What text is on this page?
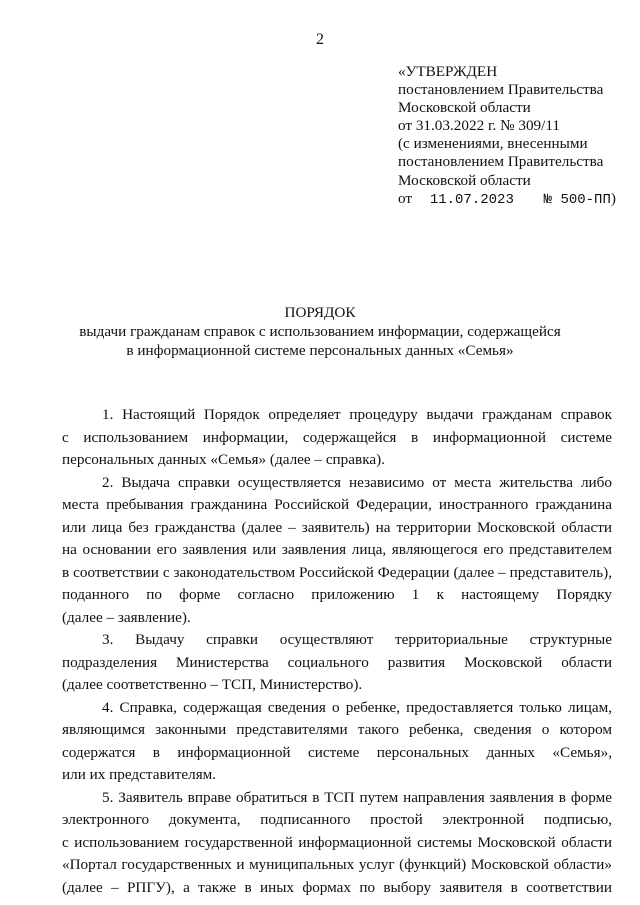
2
«УТВЕРЖДЕН
постановлением Правительства
Московской области
от 31.03.2022 г. № 309/11
(с изменениями, внесенными
постановлением Правительства
Московской области
от 11.07.2023 № 500-ПП)
ПОРЯДОК
выдачи гражданам справок с использованием информации, содержащейся
в информационной системе персональных данных «Семья»
1. Настоящий Порядок определяет процедуру выдачи гражданам справок
с использованием информации, содержащейся в информационной системе
персональных данных «Семья» (далее – справка).
2. Выдача справки осуществляется независимо от места жительства либо
места пребывания гражданина Российской Федерации, иностранного гражданина
или лица без гражданства (далее – заявитель) на территории Московской области
на основании его заявления или заявления лица, являющегося его представителем
в соответствии с законодательством Российской Федерации (далее – представитель),
поданного по форме согласно приложению 1 к настоящему Порядку
(далее – заявление).
3. Выдачу справки осуществляют территориальные структурные
подразделения Министерства социального развития Московской области
(далее соответственно – ТСП, Министерство).
4. Справка, содержащая сведения о ребенке, предоставляется только лицам,
являющимся законными представителями такого ребенка, сведения о котором
содержатся в информационной системе персональных данных «Семья»,
или их представителям.
5. Заявитель вправе обратиться в ТСП путем направления заявления в форме
электронного документа, подписанного простой электронной подписью,
с использованием государственной информационной системы Московской области
«Портал государственных и муниципальных услуг (функций) Московской области»
(далее – РПГУ), а также в иных формах по выбору заявителя в соответствии
